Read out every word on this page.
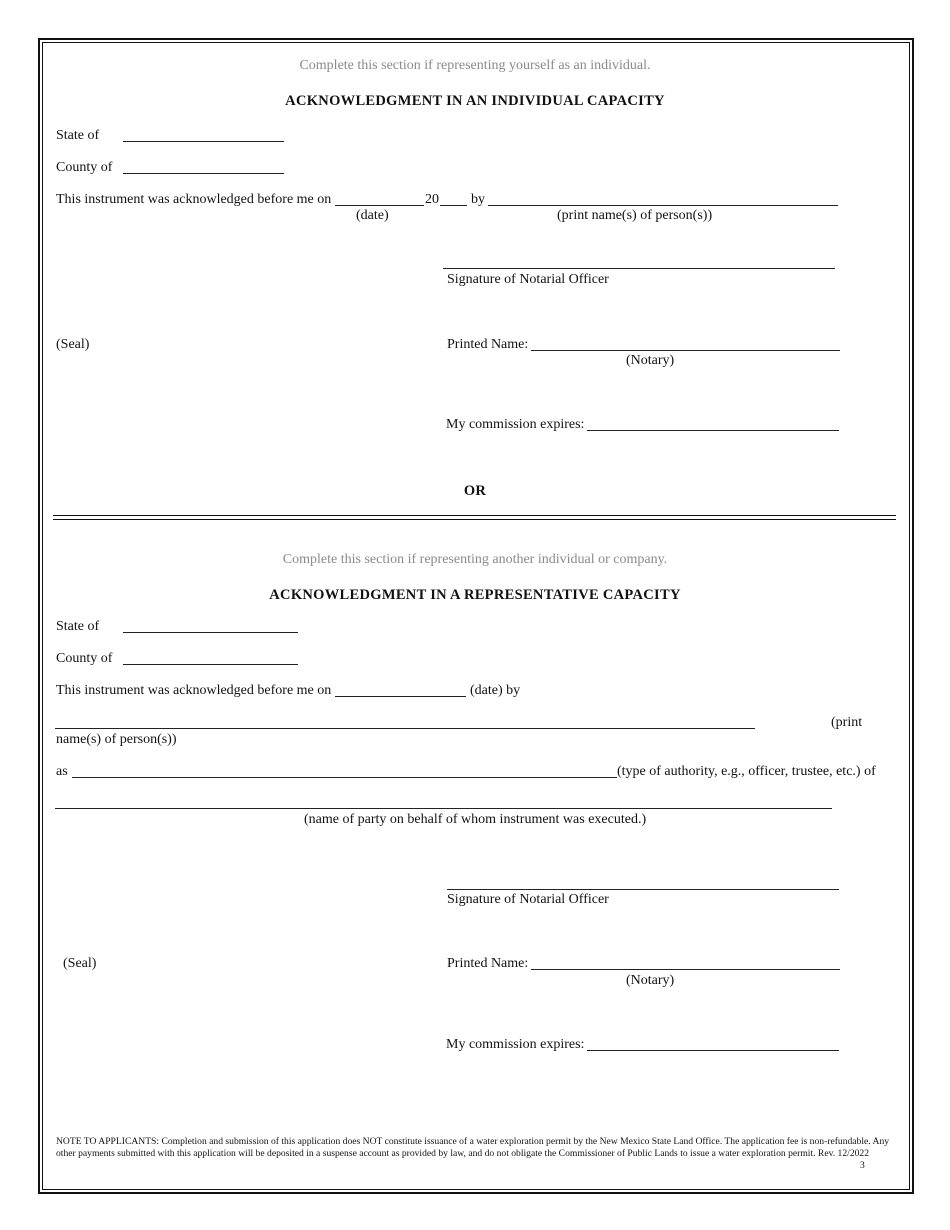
Complete this section if representing yourself as an individual.
ACKNOWLEDGMENT IN AN INDIVIDUAL CAPACITY
State of
County of
This instrument was acknowledged before me on	20 by
(date)	(print name(s) of person(s))
Signature of Notarial Officer
(Seal)	Printed Name:
(Notary)
My commission expires:
OR
Complete this section if representing another individual or company.
ACKNOWLEDGMENT IN A REPRESENTATIVE CAPACITY
State of
County of
This instrument was acknowledged before me on	(date) by
(print
name(s) of person(s))
as	(type of authority, e.g., officer, trustee, etc.) of
(name of party on behalf of whom instrument was executed.)
Signature of Notarial Officer
(Seal)	Printed Name:
(Notary)
My commission expires:
NOTE TO APPLICANTS: Completion and submission of this application does NOT constitute issuance of a water exploration permit by the New Mexico State Land Office. The application fee is non-refundable. Any other payments submitted with this application will be deposited in a suspense account as provided by law, and do not obligate the Commissioner of Public Lands to issue a water exploration permit. Rev. 12/2022
3
